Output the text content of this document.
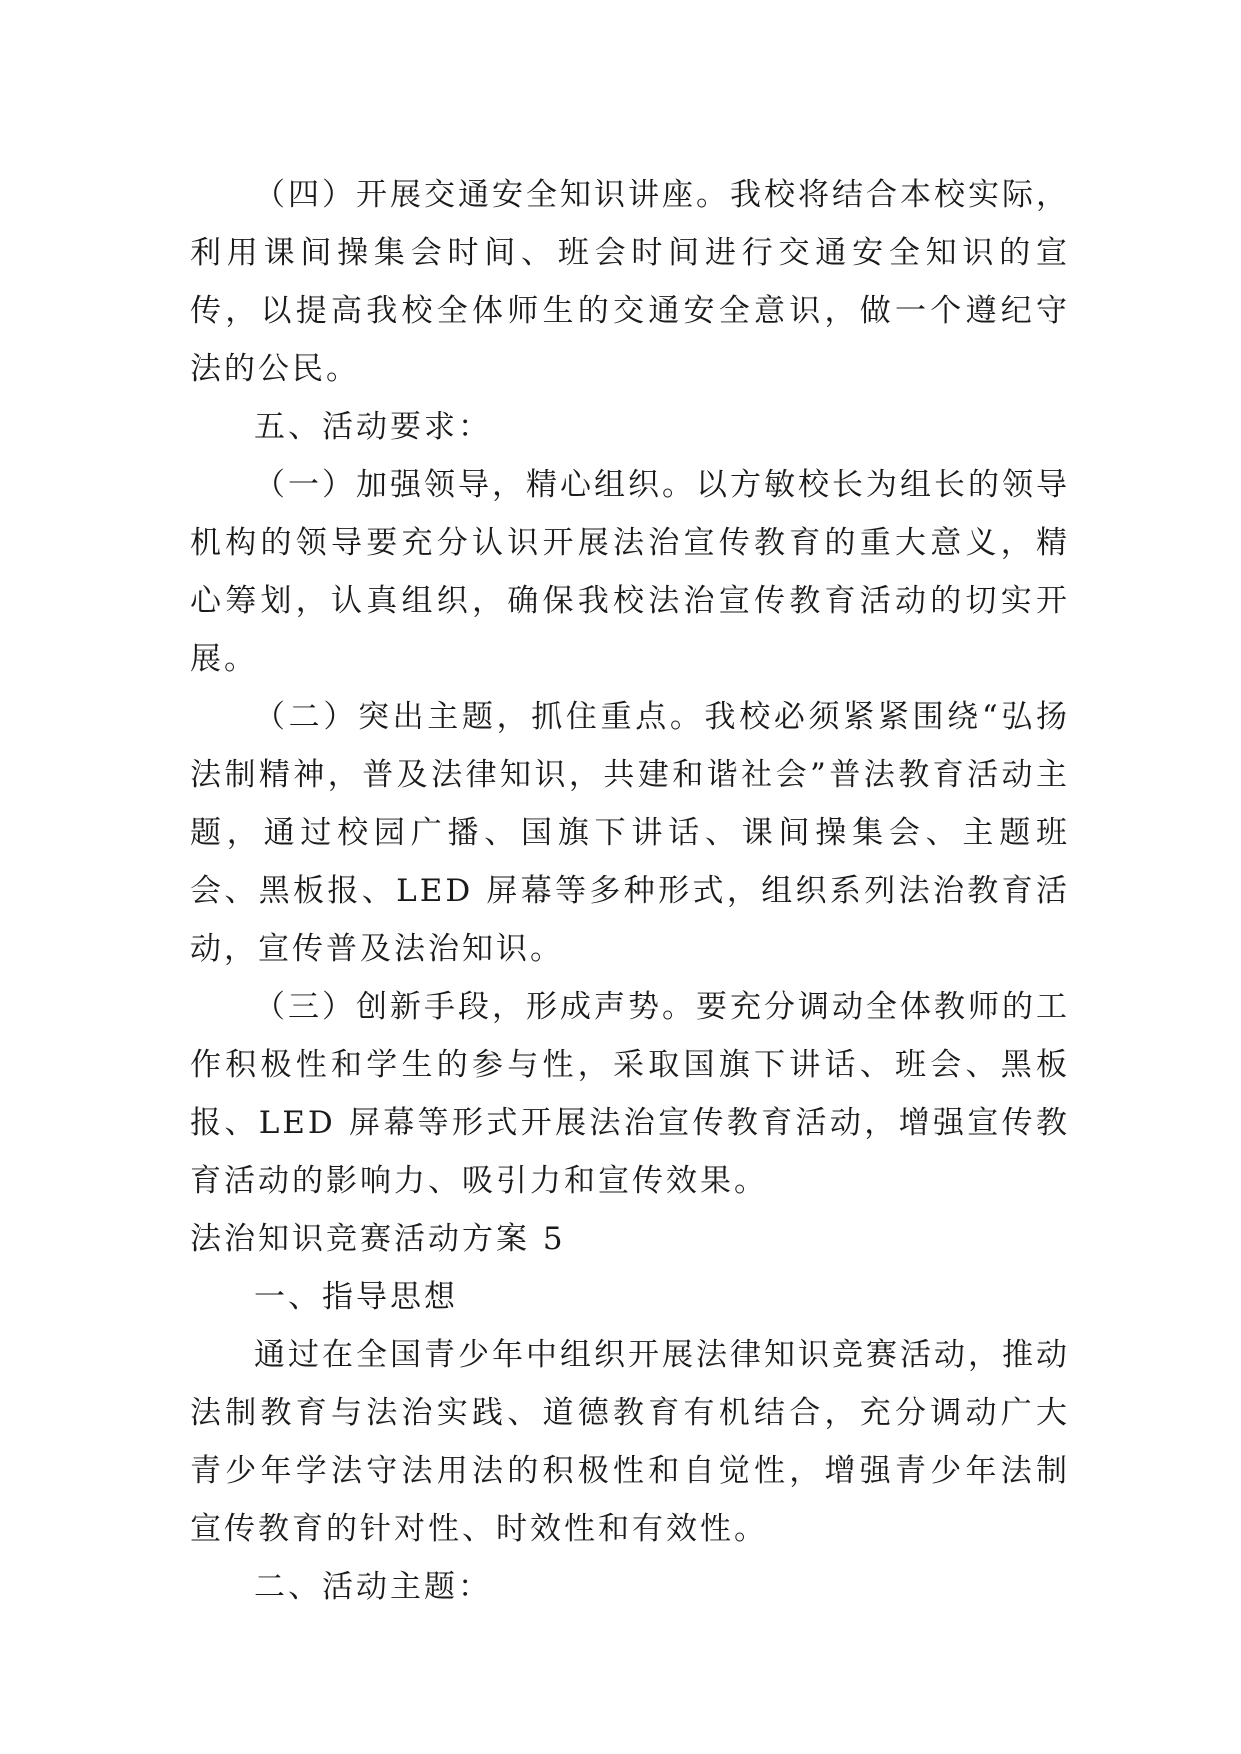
（四）开展交通安全知识讲座。我校将结合本校实际，利用课间操集会时间、班会时间进行交通安全知识的宣传，以提高我校全体师生的交通安全意识，做一个遵纪守法的公民。

五、活动要求：

（一）加强领导，精心组织。以方敏校长为组长的领导机构的领导要充分认识开展法治宣传教育的重大意义，精心筹划，认真组织，确保我校法治宣传教育活动的切实开展。

（二）突出主题，抓住重点。我校必须紧紧围绕“弘扬法制精神，普及法律知识，共建和谐社会”普法教育活动主题，通过校园广播、国旗下讲话、课间操集会、主题班会、黑板报、LED 屏幕等多种形式，组织系列法治教育活动，宣传普及法治知识。

（三）创新手段，形成声势。要充分调动全体教师的工作积极性和学生的参与性，采取国旗下讲话、班会、黑板报、LED 屏幕等形式开展法治宣传教育活动，增强宣传教育活动的影响力、吸引力和宣传效果。

法治知识竞赛活动方案 5

一、指导思想

通过在全国青少年中组织开展法律知识竞赛活动，推动法制教育与法治实践、道德教育有机结合，充分调动广大青少年学法守法用法的积极性和自觉性，增强青少年法制宣传教育的针对性、时效性和有效性。

二、活动主题：
